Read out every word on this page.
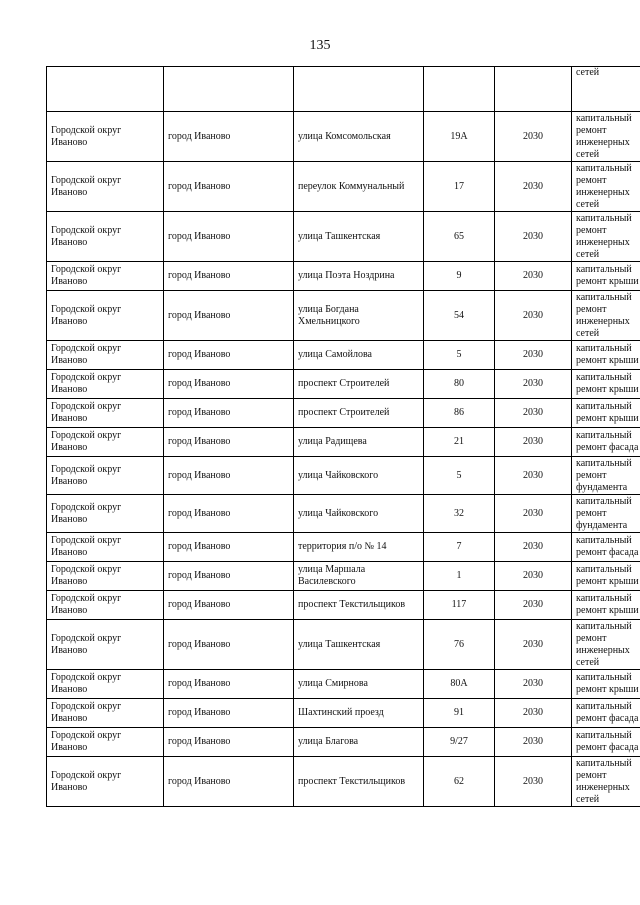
135
					сетей
Городской округ Иваново	город Иваново	улица Комсомольская	19А	2030	капитальный ремонт инженерных сетей
Городской округ Иваново	город Иваново	переулок Коммунальный	17	2030	капитальный ремонт инженерных сетей
Городской округ Иваново	город Иваново	улица Ташкентская	65	2030	капитальный ремонт инженерных сетей
Городской округ Иваново	город Иваново	улица Поэта Ноздрина	9	2030	капитальный ремонт крыши
Городской округ Иваново	город Иваново	улица Богдана Хмельницкого	54	2030	капитальный ремонт инженерных сетей
Городской округ Иваново	город Иваново	улица Самойлова	5	2030	капитальный ремонт крыши
Городской округ Иваново	город Иваново	проспект Строителей	80	2030	капитальный ремонт крыши
Городской округ Иваново	город Иваново	проспект Строителей	86	2030	капитальный ремонт крыши
Городской округ Иваново	город Иваново	улица Радищева	21	2030	капитальный ремонт фасада
Городской округ Иваново	город Иваново	улица Чайковского	5	2030	капитальный ремонт фундамента
Городской округ Иваново	город Иваново	улица Чайковского	32	2030	капитальный ремонт фундамента
Городской округ Иваново	город Иваново	территория п/о № 14	7	2030	капитальный ремонт фасада
Городской округ Иваново	город Иваново	улица Маршала Василевского	1	2030	капитальный ремонт крыши
Городской округ Иваново	город Иваново	проспект Текстильщиков	117	2030	капитальный ремонт крыши
Городской округ Иваново	город Иваново	улица Ташкентская	76	2030	капитальный ремонт инженерных сетей
Городской округ Иваново	город Иваново	улица Смирнова	80А	2030	капитальный ремонт крыши
Городской округ Иваново	город Иваново	Шахтинский проезд	91	2030	капитальный ремонт фасада
Городской округ Иваново	город Иваново	улица Благова	9/27	2030	капитальный ремонт фасада
Городской округ Иваново	город Иваново	проспект Текстильщиков	62	2030	капитальный ремонт инженерных сетей
